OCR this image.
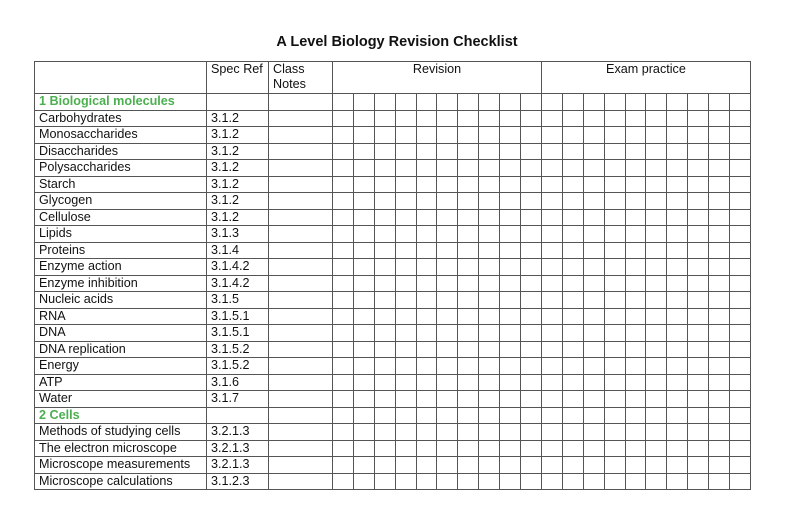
A Level Biology Revision Checklist
	Spec Ref	Class Notes	Revision										Exam practice									
1 Biological molecules																						
Carbohydrates	3.1.2																					
Monosaccharides	3.1.2																					
Disaccharides	3.1.2																					
Polysaccharides	3.1.2																					
Starch	3.1.2																					
Glycogen	3.1.2																					
Cellulose	3.1.2																					
Lipids	3.1.3																					
Proteins	3.1.4																					
Enzyme action	3.1.4.2																					
Enzyme inhibition	3.1.4.2																					
Nucleic acids	3.1.5																					
RNA	3.1.5.1																					
DNA	3.1.5.1																					
DNA replication	3.1.5.2																					
Energy	3.1.5.2																					
ATP	3.1.6																					
Water	3.1.7																					
2 Cells																						
Methods of studying cells	3.2.1.3																					
The electron microscope	3.2.1.3																					
Microscope measurements	3.2.1.3																					
Microscope calculations	3.1.2.3																					
